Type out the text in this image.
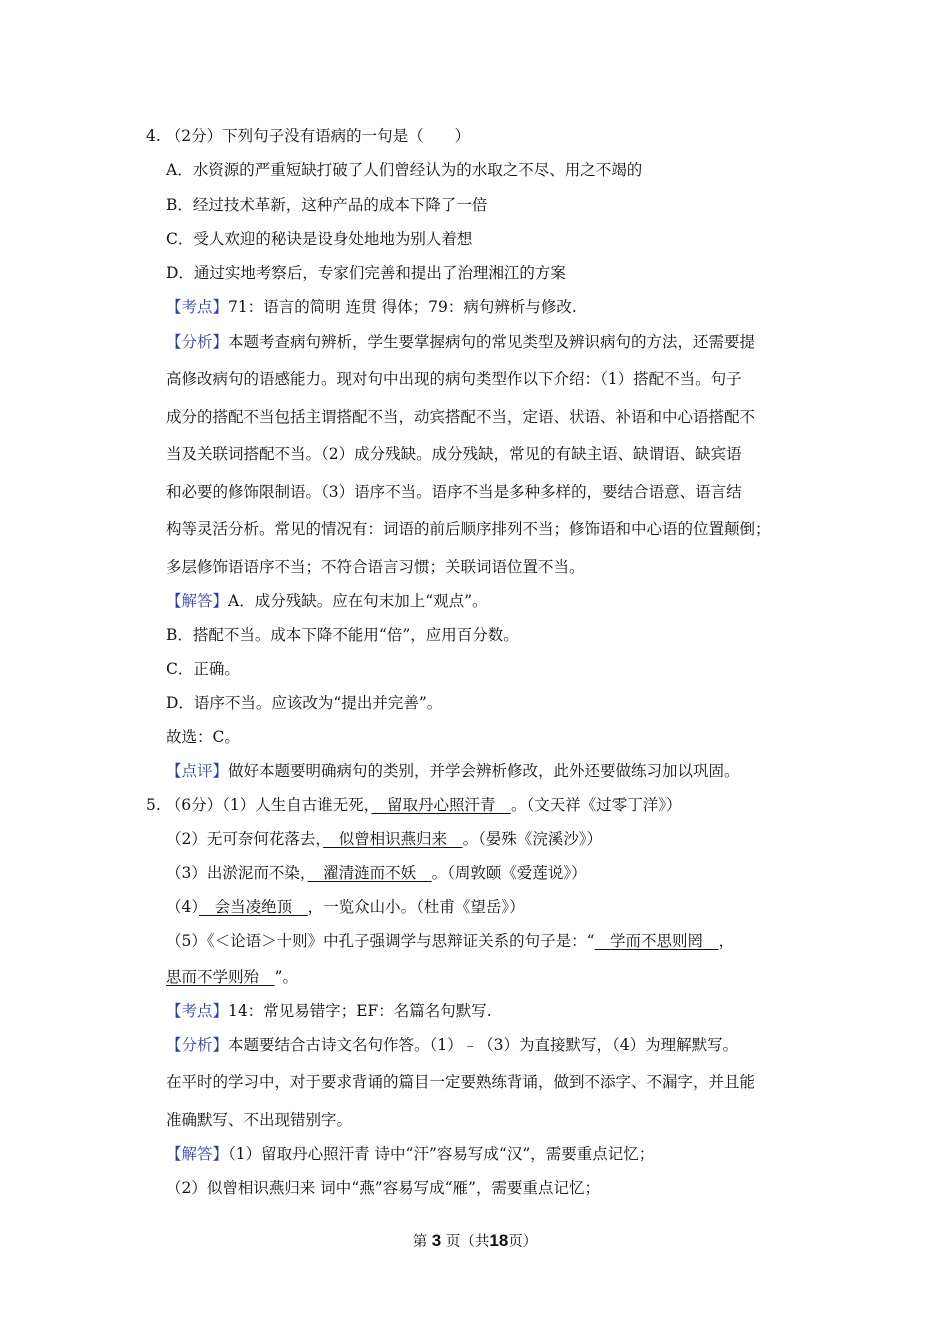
4. （2分）下列句子没有语病的一句是（　　）
A．水资源的严重短缺打破了人们曾经认为的水取之不尽、用之不竭的
B．经过技术革新，这种产品的成本下降了一倍
C．受人欢迎的秘诀是设身处地地为别人着想
D．通过实地考察后，专家们完善和提出了治理湘江的方案
【考点】71：语言的简明 连贯 得体；79：病句辨析与修改.
【分析】本题考查病句辨析，学生要掌握病句的常见类型及辨识病句的方法，还需要提
高修改病句的语感能力。现对句中出现的病句类型作以下介绍：（1）搭配不当。句子
成分的搭配不当包括主谓搭配不当，动宾搭配不当，定语、状语、补语和中心语搭配不
当及关联词搭配不当。（2）成分残缺。成分残缺，常见的有缺主语、缺谓语、缺宾语
和必要的修饰限制语。（3）语序不当。语序不当是多种多样的，要结合语意、语言结
构等灵活分析。常见的情况有：词语的前后顺序排列不当；修饰语和中心语的位置颠倒；
多层修饰语语序不当；不符合语言习惯；关联词语位置不当。
【解答】A．成分残缺。应在句末加上“观点”。
B．搭配不当。成本下降不能用“倍”，应用百分数。
C．正确。
D．语序不当。应该改为“提出并完善”。
故选：C。
【点评】做好本题要明确病句的类别，并学会辨析修改，此外还要做练习加以巩固。
5. （6分）（1）人生自古谁无死，　留取丹心照汗青　。（文天祥《过零丁洋》）
（2）无可奈何花落去，　似曾相识燕归来　。（晏殊《浣溪沙》）
（3）出淤泥而不染，　濯清涟而不妖　。（周敦颐《爱莲说》）
（4）　会当凌绝顶　，一览众山小。（杜甫《望岳》）
（5）《＜论语＞十则》中孔子强调学与思辩证关系的句子是：“　学而不思则罔　，
思而不学则殆　”。
【考点】14：常见易错字；EF：名篇名句默写.
【分析】本题要结合古诗文名句作答。（1）﹣（3）为直接默写，（4）为理解默写。
在平时的学习中，对于要求背诵的篇目一定要熟练背诵，做到不添字、不漏字，并且能
准确默写、不出现错别字。
【解答】（1）留取丹心照汗青 诗中“汗”容易写成“汉”，需要重点记忆；
（2）似曾相识燕归来 词中“燕”容易写成“雁”，需要重点记忆；
第 3 页（共18页）
